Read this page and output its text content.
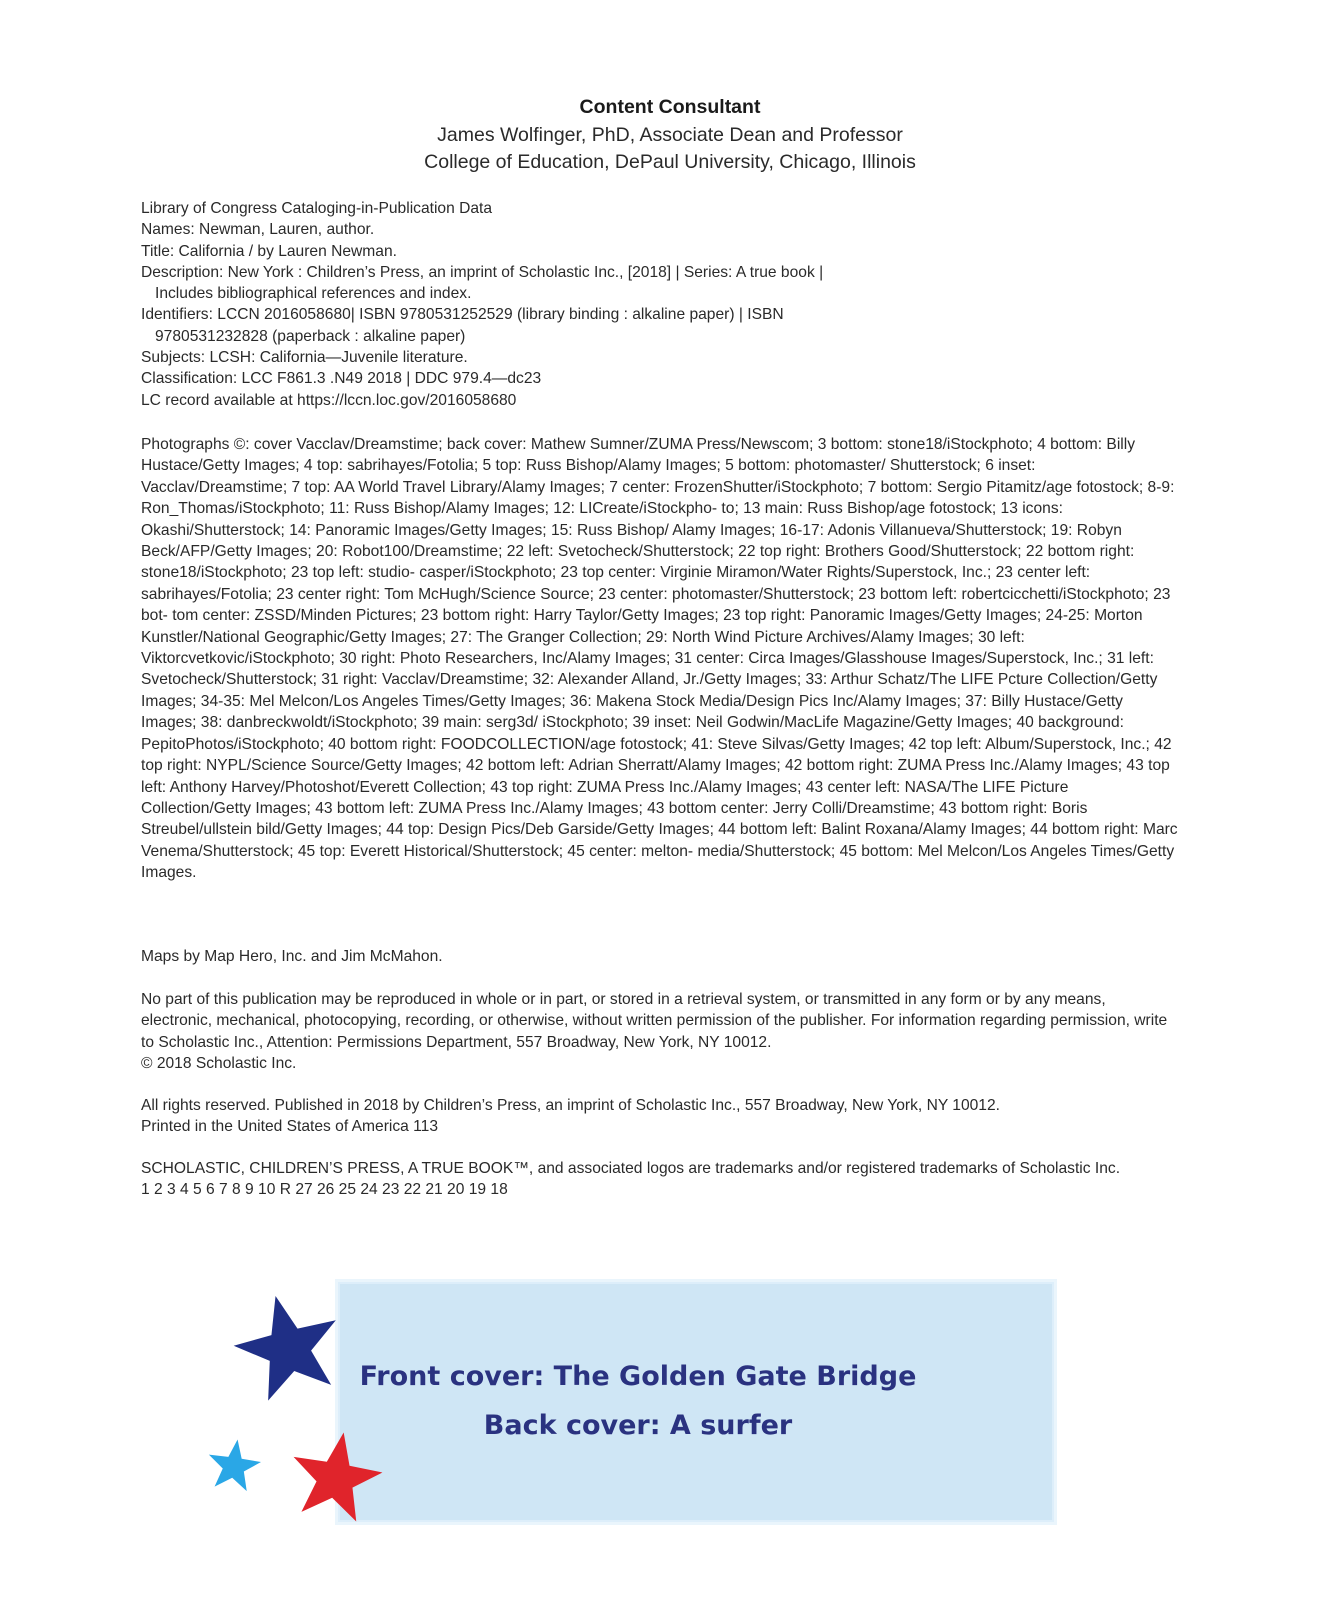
Content Consultant
James Wolfinger, PhD, Associate Dean and Professor
College of Education, DePaul University, Chicago, Illinois

Library of Congress Cataloging-in-Publication Data

Names: Newman, Lauren, author.

Title: California / by Lauren Newman.

Description: New York : Children’s Press, an imprint of Scholastic Inc., [2018] | Series: A true book |

Includes bibliographical references and index.

Identifiers: LCCN 2016058680| ISBN 9780531252529 (library binding : alkaline paper) | ISBN

9780531232828 (paperback : alkaline paper)

Subjects: LCSH: California—Juvenile literature.

Classification: LCC F861.3 .N49 2018 | DDC 979.4—dc23

LC record available at https://lccn.loc.gov/2016058680

Photographs ©: cover Vacclav/Dreamstime; back cover: Mathew Sumner/ZUMA Press/Newscom; 3 bottom: stone18/iStockphoto; 4 bottom: Billy Hustace/Getty Images; 4 top: sabrihayes/Fotolia; 5 top: Russ Bishop/Alamy Images; 5 bottom: photomaster/ Shutterstock; 6 inset: Vacclav/Dreamstime; 7 top: AA World Travel Library/Alamy Images; 7 center: FrozenShutter/iStockphoto; 7 bottom: Sergio Pitamitz/age fotostock; 8-9: Ron_Thomas/iStockphoto; 11: Russ Bishop/Alamy Images; 12: LICreate/iStockpho- to; 13 main: Russ Bishop/age fotostock; 13 icons: Okashi/Shutterstock; 14: Panoramic Images/Getty Images; 15: Russ Bishop/ Alamy Images; 16-17: Adonis Villanueva/Shutterstock; 19: Robyn Beck/AFP/Getty Images; 20: Robot100/Dreamstime; 22 left: Svetocheck/Shutterstock; 22 top right: Brothers Good/Shutterstock; 22 bottom right: stone18/iStockphoto; 23 top left: studio- casper/iStockphoto; 23 top center: Virginie Miramon/Water Rights/Superstock, Inc.; 23 center left: sabrihayes/Fotolia; 23 center right: Tom McHugh/Science Source; 23 center: photomaster/Shutterstock; 23 bottom left: robertcicchetti/iStockphoto; 23 bot- tom center: ZSSD/Minden Pictures; 23 bottom right: Harry Taylor/Getty Images; 23 top right: Panoramic Images/Getty Images; 24-25: Morton Kunstler/National Geographic/Getty Images; 27: The Granger Collection; 29: North Wind Picture Archives/Alamy Images; 30 left: Viktorcvetkovic/iStockphoto; 30 right: Photo Researchers, Inc/Alamy Images; 31 center: Circa Images/Glasshouse Images/Superstock, Inc.; 31 left: Svetocheck/Shutterstock; 31 right: Vacclav/Dreamstime; 32: Alexander Alland, Jr./Getty Images; 33: Arthur Schatz/The LIFE Pcture Collection/Getty Images; 34-35: Mel Melcon/Los Angeles Times/Getty Images; 36: Makena Stock Media/Design Pics Inc/Alamy Images; 37: Billy Hustace/Getty Images; 38: danbreckwoldt/iStockphoto; 39 main: serg3d/ iStockphoto; 39 inset: Neil Godwin/MacLife Magazine/Getty Images; 40 background: PepitoPhotos/iStockphoto; 40 bottom right: FOODCOLLECTION/age fotostock; 41: Steve Silvas/Getty Images; 42 top left: Album/Superstock, Inc.; 42 top right: NYPL/Science Source/Getty Images; 42 bottom left: Adrian Sherratt/Alamy Images; 42 bottom right: ZUMA Press Inc./Alamy Images; 43 top left: Anthony Harvey/Photoshot/Everett Collection; 43 top right: ZUMA Press Inc./Alamy Images; 43 center left: NASA/The LIFE Picture Collection/Getty Images; 43 bottom left: ZUMA Press Inc./Alamy Images; 43 bottom center: Jerry Colli/Dreamstime; 43 bottom right: Boris Streubel/ullstein bild/Getty Images; 44 top: Design Pics/Deb Garside/Getty Images; 44 bottom left: Balint Roxana/Alamy Images; 44 bottom right: Marc Venema/Shutterstock; 45 top: Everett Historical/Shutterstock; 45 center: melton- media/Shutterstock; 45 bottom: Mel Melcon/Los Angeles Times/Getty Images.

Maps by Map Hero, Inc. and Jim McMahon.

No part of this publication may be reproduced in whole or in part, or stored in a retrieval system, or transmitted in any form or by any means, electronic, mechanical, photocopying, recording, or otherwise, without written permission of the publisher. For information regarding permission, write to Scholastic Inc., Attention: Permissions Department, 557 Broadway, New York, NY 10012.

© 2018 Scholastic Inc.

All rights reserved. Published in 2018 by Children’s Press, an imprint of Scholastic Inc., 557 Broadway, New York, NY 10012.

Printed in the United States of America 113

SCHOLASTIC, CHILDREN’S PRESS, A TRUE BOOK™, and associated logos are trademarks and/or registered trademarks of Scholastic Inc.

1 2 3 4 5 6 7 8 9 10 R 27 26 25 24 23 22 21 20 19 18

Front cover: The Golden Gate Bridge
Back cover: A surfer
